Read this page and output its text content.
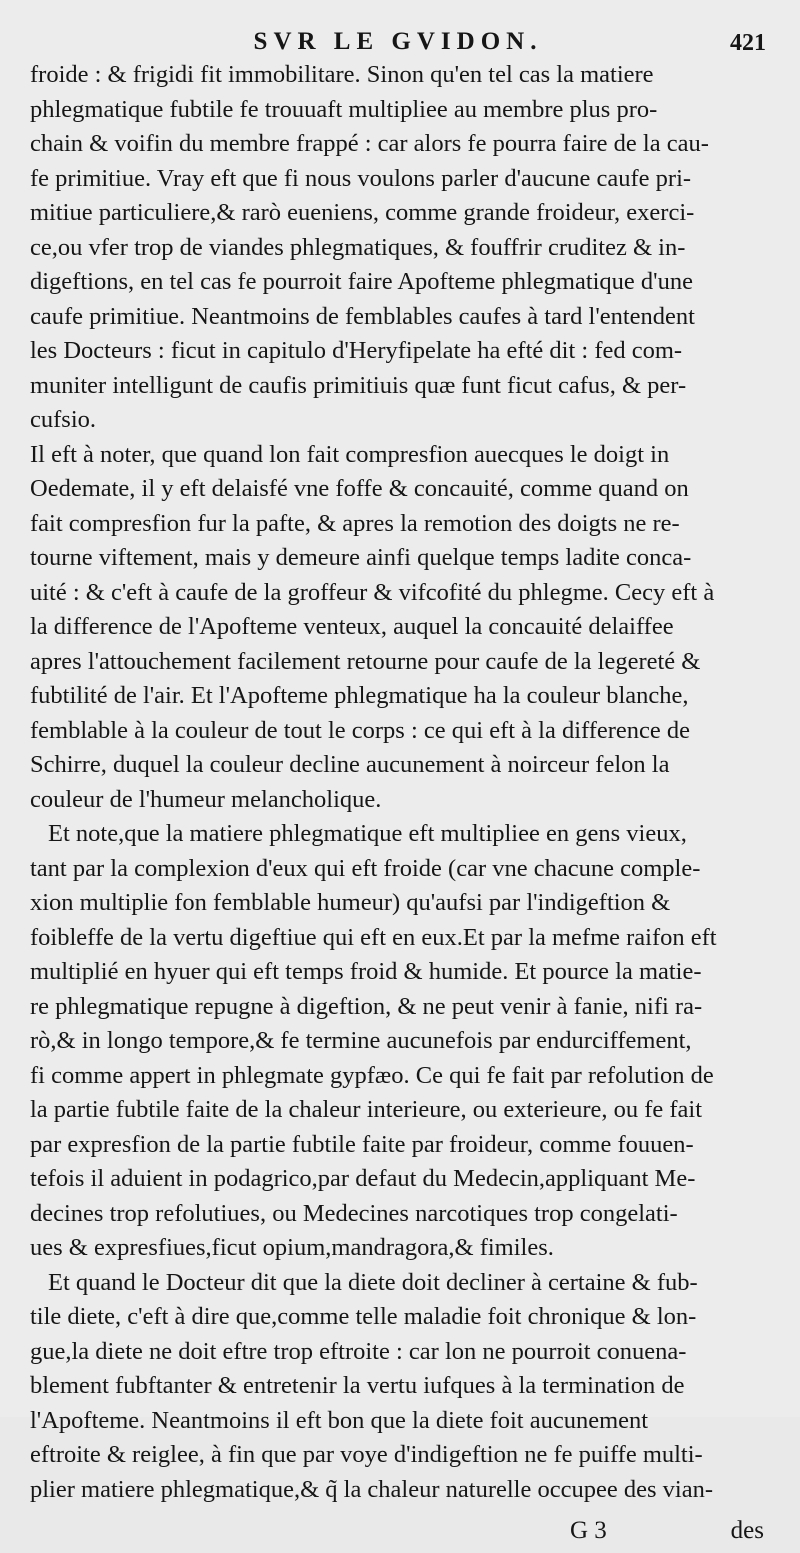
SVR LE GVIDON.	421
froide : & frigidi fit immobilitare. Sinon qu'en tel cas la matiere
phlegmatique fubtile fe trouuaft multipliee au membre plus pro-
chain & voifin du membre frappé : car alors fe pourra faire de la cau-
fe primitiue. Vray eft que fi nous voulons parler d'aucune caufe pri-
mitiue particuliere,& rarò eueniens, comme grande froideur, exerci-
ce,ou vfer trop de viandes phlegmatiques, & fouffrir cruditez & in-
digeftions, en tel cas fe pourroit faire Apofteme phlegmatique d'une
caufe primitiue. Neantmoins de femblables caufes à tard l'entendent
les Docteurs : ficut in capitulo d'Heryfipelate ha efté dit : fed com-
muniter intelligunt de caufis primitiuis quæ funt ficut cafus, & per-
cufsio.
Il eft à noter, que quand lon fait compresfion auecques le doigt in
Oedemate, il y eft delaisfé vne foffe & concauité, comme quand on
fait compresfion fur la pafte, & apres la remotion des doigts ne re-
tourne viftement, mais y demeure ainfi quelque temps ladite conca-
uité : & c'eft à caufe de la groffeur & vifcofité du phlegme. Cecy eft à
la difference de l'Apofteme venteux, auquel la concauité delaiffee
apres l'attouchement facilement retourne pour caufe de la legereté &
fubtilité de l'air. Et l'Apofteme phlegmatique ha la couleur blanche,
femblable à la couleur de tout le corps : ce qui eft à la difference de
Schirre, duquel la couleur decline aucunement à noirceur felon la
couleur de l'humeur melancholique.
Et note,que la matiere phlegmatique eft multipliee en gens vieux,
tant par la complexion d'eux qui eft froide (car vne chacune comple-
xion multiplie fon femblable humeur) qu'aufsi par l'indigeftion &
foibleffe de la vertu digeftiue qui eft en eux.Et par la mefme raifon eft
multiplié en hyuer qui eft temps froid & humide. Et pource la matie-
re phlegmatique repugne à digeftion, & ne peut venir à fanie, nifi ra-
rò,& in longo tempore,& fe termine aucunefois par endurciffement,
fi comme appert in phlegmate gypfæo. Ce qui fe fait par refolution de
la partie fubtile faite de la chaleur interieure, ou exterieure, ou fe fait
par expresfion de la partie fubtile faite par froideur, comme fouuen-
tefois il aduient in podagrico,par defaut du Medecin,appliquant Me-
decines trop refolutiues, ou Medecines narcotiques trop congelati-
ues & expresfiues,ficut opium,mandragora,& fimiles.
Et quand le Docteur dit que la diete doit decliner à certaine & fub-
tile diete, c'eft à dire que,comme telle maladie foit chronique & lon-
gue,la diete ne doit eftre trop eftroite : car lon ne pourroit conuena-
blement fubftanter & entretenir la vertu iufques à la termination de
l'Apofteme. Neantmoins il eft bon que la diete foit aucunement
eftroite & reiglee, à fin que par voye d'indigeftion ne fe puiffe multi-
plier matiere phlegmatique,& q̃ la chaleur naturelle occupee des vian-
G 3	des
